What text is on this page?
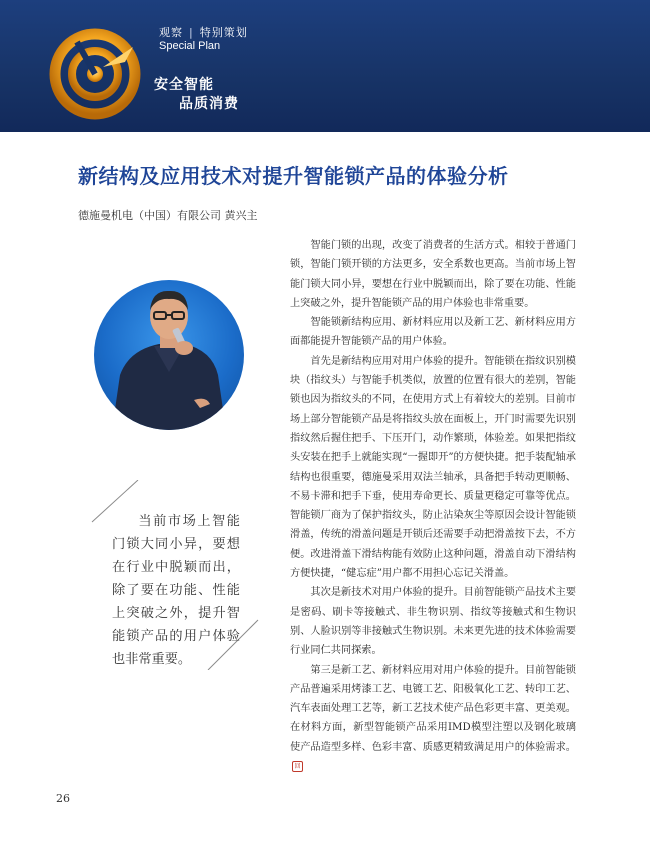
观察 | 特别策划
Special Plan
安全智能
品质消费
新结构及应用技术对提升智能锁产品的体验分析
德施曼机电（中国）有限公司 黄兴主

当前市场上智能门锁大同小异，要想在行业中脱颖而出，除了要在功能、性能上突破之外，提升智能锁产品的用户体验也非常重要。

智能门锁的出现，改变了消费者的生活方式。相较于普通门锁，智能门锁开锁的方法更多，安全系数也更高。当前市场上智能门锁大同小异，要想在行业中脱颖而出，除了要在功能、性能上突破之外，提升智能锁产品的用户体验也非常重要。

智能锁新结构应用、新材料应用以及新工艺、新材料应用方面都能提升智能锁产品的用户体验。

首先是新结构应用对用户体验的提升。智能锁在指纹识别模块（指纹头）与智能手机类似，放置的位置有很大的差别，智能锁也因为指纹头的不同，在使用方式上有着较大的差别。目前市场上部分智能锁产品是将指纹头放在面板上，开门时需要先识别指纹然后握住把手、下压开门，动作繁琐，体验差。如果把指纹头安装在把手上就能实现“一握即开”的方便快捷。把手装配轴承结构也很重要，德施曼采用双法兰轴承，具备把手转动更顺畅、不易卡滞和把手下垂，使用寿命更长、质量更稳定可靠等优点。智能锁厂商为了保护指纹头，防止沾染灰尘等原因会设计智能锁滑盖，传统的滑盖问题是开锁后还需要手动把滑盖按下去，不方便。改进滑盖下滑结构能有效防止这种问题，滑盖自动下滑结构方便快捷，“健忘症”用户都不用担心忘记关滑盖。

其次是新技术对用户体验的提升。目前智能锁产品技术主要是密码、刷卡等接触式、非生物识别、指纹等接触式和生物识别、人脸识别等非接触式生物识别。未来更先进的技术体验需要行业同仁共同探索。

第三是新工艺、新材料应用对用户体验的提升。目前智能锁产品普遍采用烤漆工艺、电镀工艺、阳极氧化工艺、转印工艺、汽车表面处理工艺等，新工艺技术使产品色彩更丰富、更美观。在材料方面，新型智能锁产品采用IMD模型注塑以及钢化玻璃使产品造型多样、色彩丰富、质感更精致满足用户的体验需求。回

26
